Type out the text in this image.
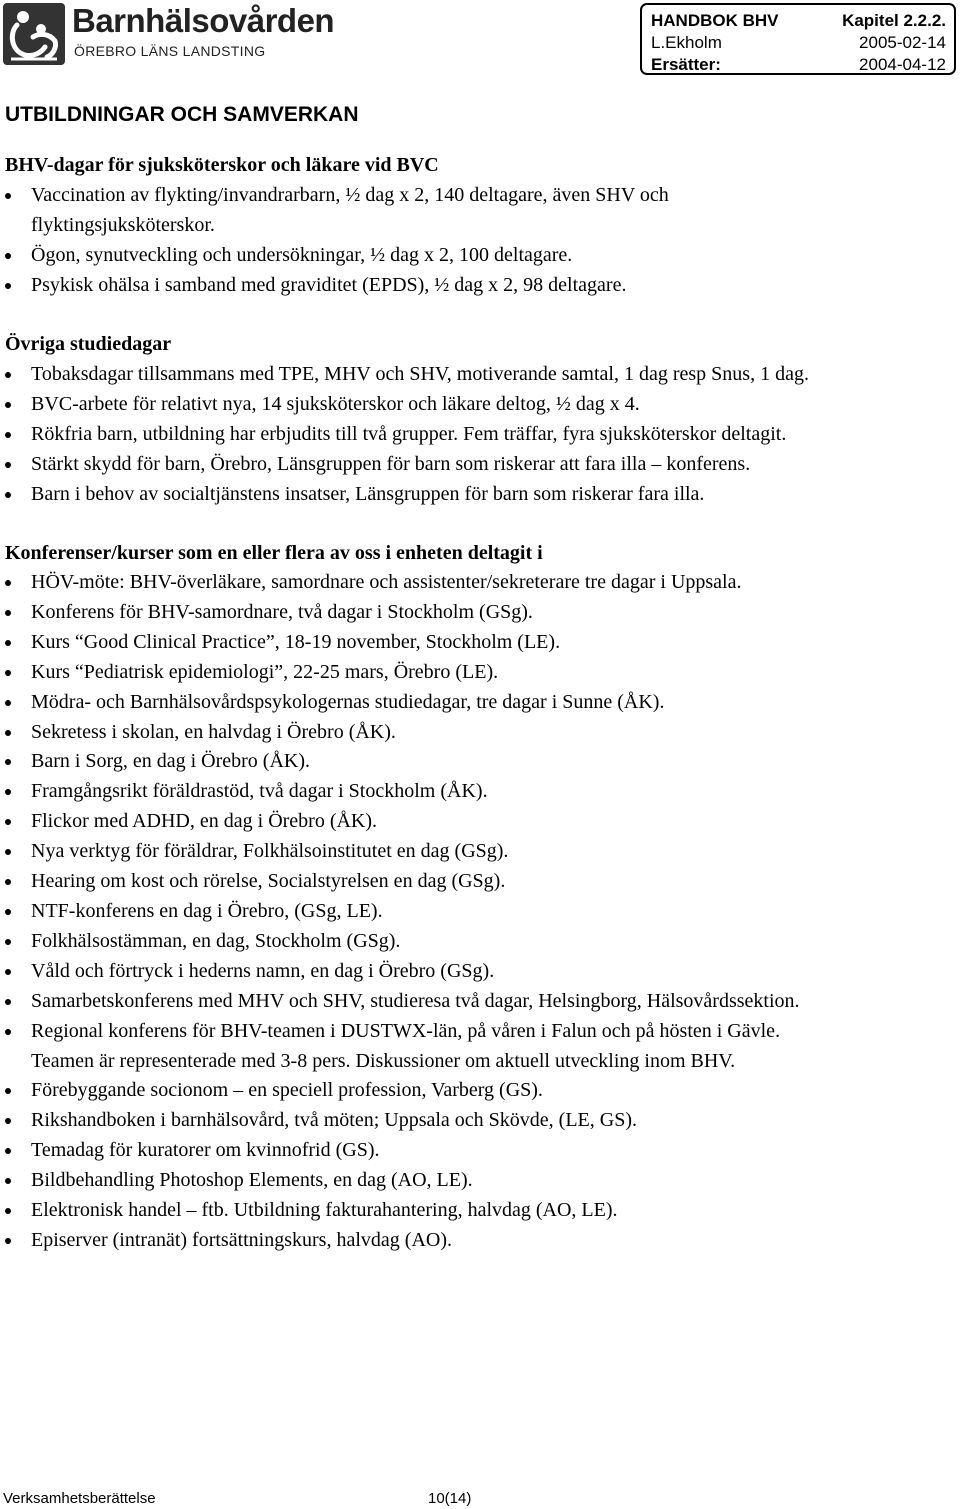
Barnhälsovården
ÖREBRO LÄNS LANDSTING
HANDBOK BHV	Kapitel 2.2.2.
L.Ekholm	2005-02-14
Ersätter:	2004-04-12
UTBILDNINGAR OCH SAMVERKAN
BHV-dagar för sjuksköterskor och läkare vid BVC
Vaccination av flykting/invandrarbarn, ½ dag x 2, 140 deltagare, även SHV och
flyktingsjuksköterskor.
Ögon, synutveckling och undersökningar, ½ dag x 2, 100 deltagare.
Psykisk ohälsa i samband med graviditet (EPDS), ½ dag x 2, 98 deltagare.
Övriga studiedagar
Tobaksdagar tillsammans med TPE, MHV och SHV, motiverande samtal, 1 dag resp Snus, 1 dag.
BVC-arbete för relativt nya, 14 sjuksköterskor och läkare deltog, ½ dag x 4.
Rökfria barn, utbildning har erbjudits till två grupper. Fem träffar, fyra sjuksköterskor deltagit.
Stärkt skydd för barn, Örebro, Länsgruppen för barn som riskerar att fara illa – konferens.
Barn i behov av socialtjänstens insatser, Länsgruppen för barn som riskerar fara illa.
Konferenser/kurser som en eller flera av oss i enheten deltagit i
HÖV-möte: BHV-överläkare, samordnare och assistenter/sekreterare tre dagar i Uppsala.
Konferens för BHV-samordnare, två dagar i Stockholm (GSg).
Kurs “Good Clinical Practice”, 18-19 november, Stockholm (LE).
Kurs “Pediatrisk epidemiologi”, 22-25 mars, Örebro (LE).
Mödra- och Barnhälsovårdspsykologernas studiedagar, tre dagar i Sunne (ÅK).
Sekretess i skolan, en halvdag i Örebro (ÅK).
Barn i Sorg, en dag i Örebro (ÅK).
Framgångsrikt föräldrastöd, två dagar i Stockholm (ÅK).
Flickor med ADHD, en dag i Örebro (ÅK).
Nya verktyg för föräldrar, Folkhälsoinstitutet en dag (GSg).
Hearing om kost och rörelse, Socialstyrelsen en dag (GSg).
NTF-konferens en dag i Örebro, (GSg, LE).
Folkhälsostämman, en dag, Stockholm (GSg).
Våld och förtryck i hederns namn, en dag i Örebro (GSg).
Samarbetskonferens med MHV och SHV, studieresa två dagar, Helsingborg, Hälsovårdssektion.
Regional konferens för BHV-teamen i DUSTWX-län, på våren i Falun och på hösten i Gävle.
Teamen är representerade med 3-8 pers. Diskussioner om aktuell utveckling inom BHV.
Förebyggande socionom – en speciell profession, Varberg (GS).
Rikshandboken i barnhälsovård, två möten; Uppsala och Skövde, (LE, GS).
Temadag för kuratorer om kvinnofrid (GS).
Bildbehandling Photoshop Elements, en dag (AO, LE).
Elektronisk handel – ftb. Utbildning fakturahantering, halvdag (AO, LE).
Episerver (intranät) fortsättningskurs, halvdag (AO).
Verksamhetsberättelse	10(14)
